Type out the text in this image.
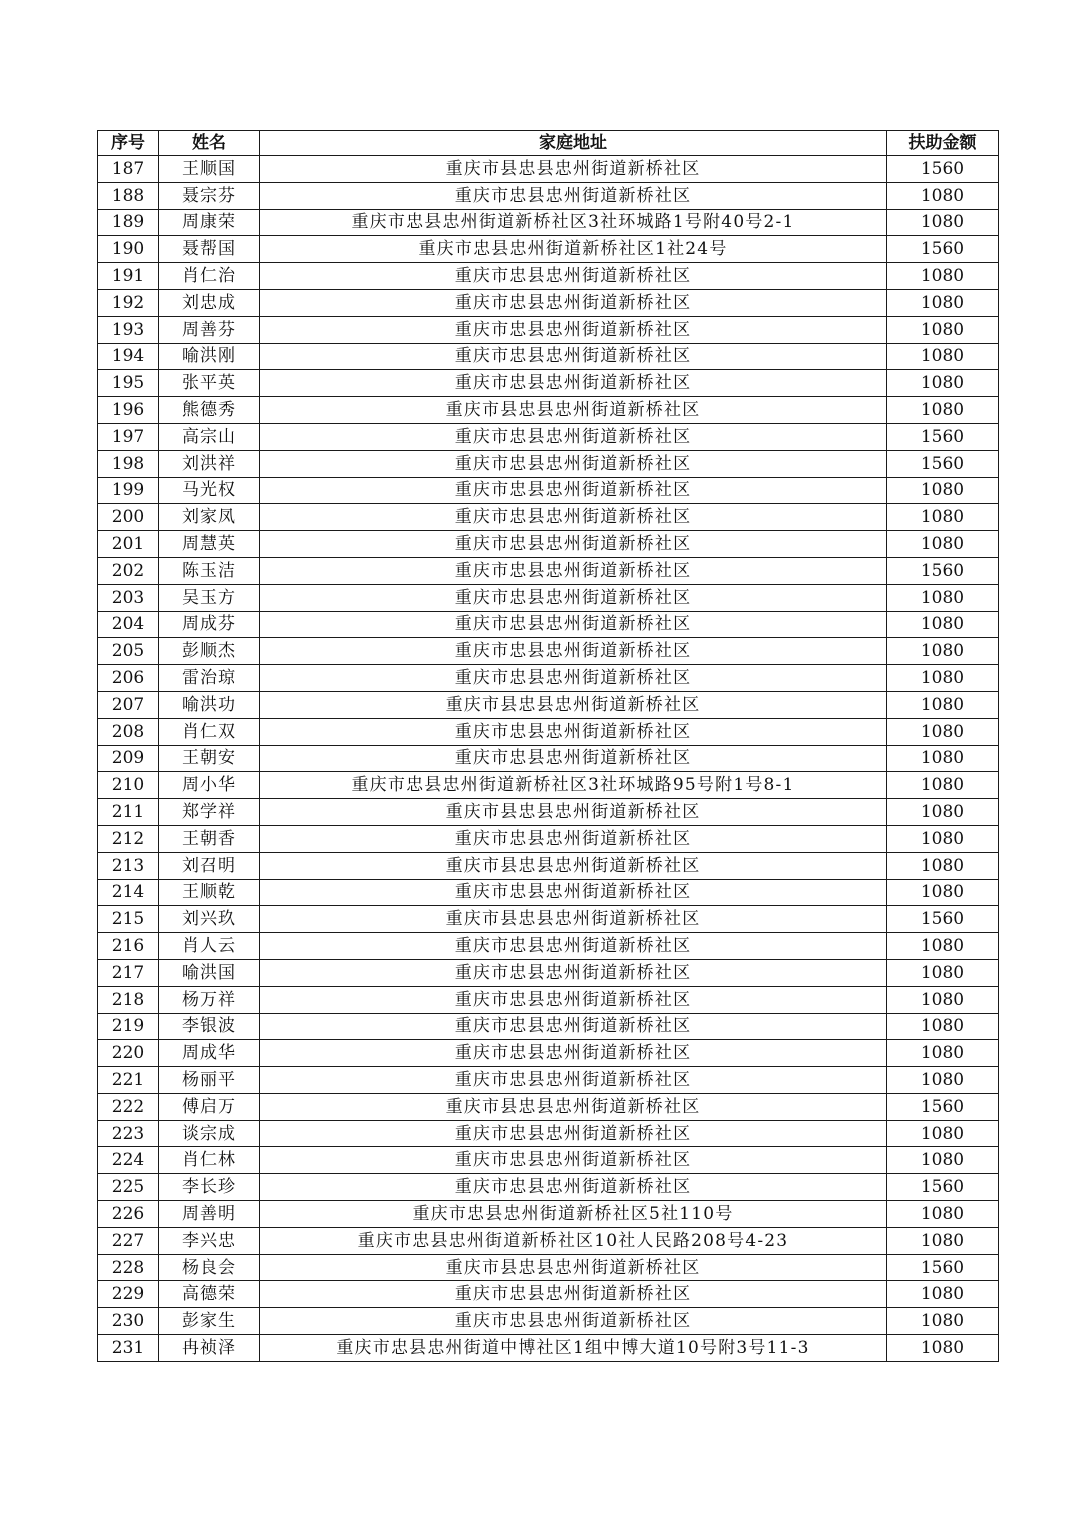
序号	姓名	家庭地址	扶助金额
187	王顺国	重庆市县忠县忠州街道新桥社区	1560
188	聂宗芬	重庆市忠县忠州街道新桥社区	1080
189	周康荣	重庆市忠县忠州街道新桥社区3社环城路1号附40号2-1	1080
190	聂帮国	重庆市忠县忠州街道新桥社区1社24号	1560
191	肖仁治	重庆市忠县忠州街道新桥社区	1080
192	刘忠成	重庆市忠县忠州街道新桥社区	1080
193	周善芬	重庆市忠县忠州街道新桥社区	1080
194	喻洪刚	重庆市忠县忠州街道新桥社区	1080
195	张平英	重庆市忠县忠州街道新桥社区	1080
196	熊德秀	重庆市县忠县忠州街道新桥社区	1080
197	高宗山	重庆市忠县忠州街道新桥社区	1560
198	刘洪祥	重庆市忠县忠州街道新桥社区	1560
199	马光权	重庆市忠县忠州街道新桥社区	1080
200	刘家凤	重庆市忠县忠州街道新桥社区	1080
201	周慧英	重庆市忠县忠州街道新桥社区	1080
202	陈玉洁	重庆市忠县忠州街道新桥社区	1560
203	吴玉方	重庆市忠县忠州街道新桥社区	1080
204	周成芬	重庆市忠县忠州街道新桥社区	1080
205	彭顺杰	重庆市忠县忠州街道新桥社区	1080
206	雷治琼	重庆市忠县忠州街道新桥社区	1080
207	喻洪功	重庆市县忠县忠州街道新桥社区	1080
208	肖仁双	重庆市忠县忠州街道新桥社区	1080
209	王朝安	重庆市忠县忠州街道新桥社区	1080
210	周小华	重庆市忠县忠州街道新桥社区3社环城路95号附1号8-1	1080
211	郑学祥	重庆市县忠县忠州街道新桥社区	1080
212	王朝香	重庆市忠县忠州街道新桥社区	1080
213	刘召明	重庆市县忠县忠州街道新桥社区	1080
214	王顺乾	重庆市忠县忠州街道新桥社区	1080
215	刘兴玖	重庆市县忠县忠州街道新桥社区	1560
216	肖人云	重庆市忠县忠州街道新桥社区	1080
217	喻洪国	重庆市忠县忠州街道新桥社区	1080
218	杨万祥	重庆市忠县忠州街道新桥社区	1080
219	李银波	重庆市忠县忠州街道新桥社区	1080
220	周成华	重庆市忠县忠州街道新桥社区	1080
221	杨丽平	重庆市忠县忠州街道新桥社区	1080
222	傅启万	重庆市县忠县忠州街道新桥社区	1560
223	谈宗成	重庆市忠县忠州街道新桥社区	1080
224	肖仁林	重庆市忠县忠州街道新桥社区	1080
225	李长珍	重庆市忠县忠州街道新桥社区	1560
226	周善明	重庆市忠县忠州街道新桥社区5社110号	1080
227	李兴忠	重庆市忠县忠州街道新桥社区10社人民路208号4-23	1080
228	杨良会	重庆市县忠县忠州街道新桥社区	1560
229	高德荣	重庆市忠县忠州街道新桥社区	1080
230	彭家生	重庆市忠县忠州街道新桥社区	1080
231	冉祯泽	重庆市忠县忠州街道中博社区1组中博大道10号附3号11-3	1080
